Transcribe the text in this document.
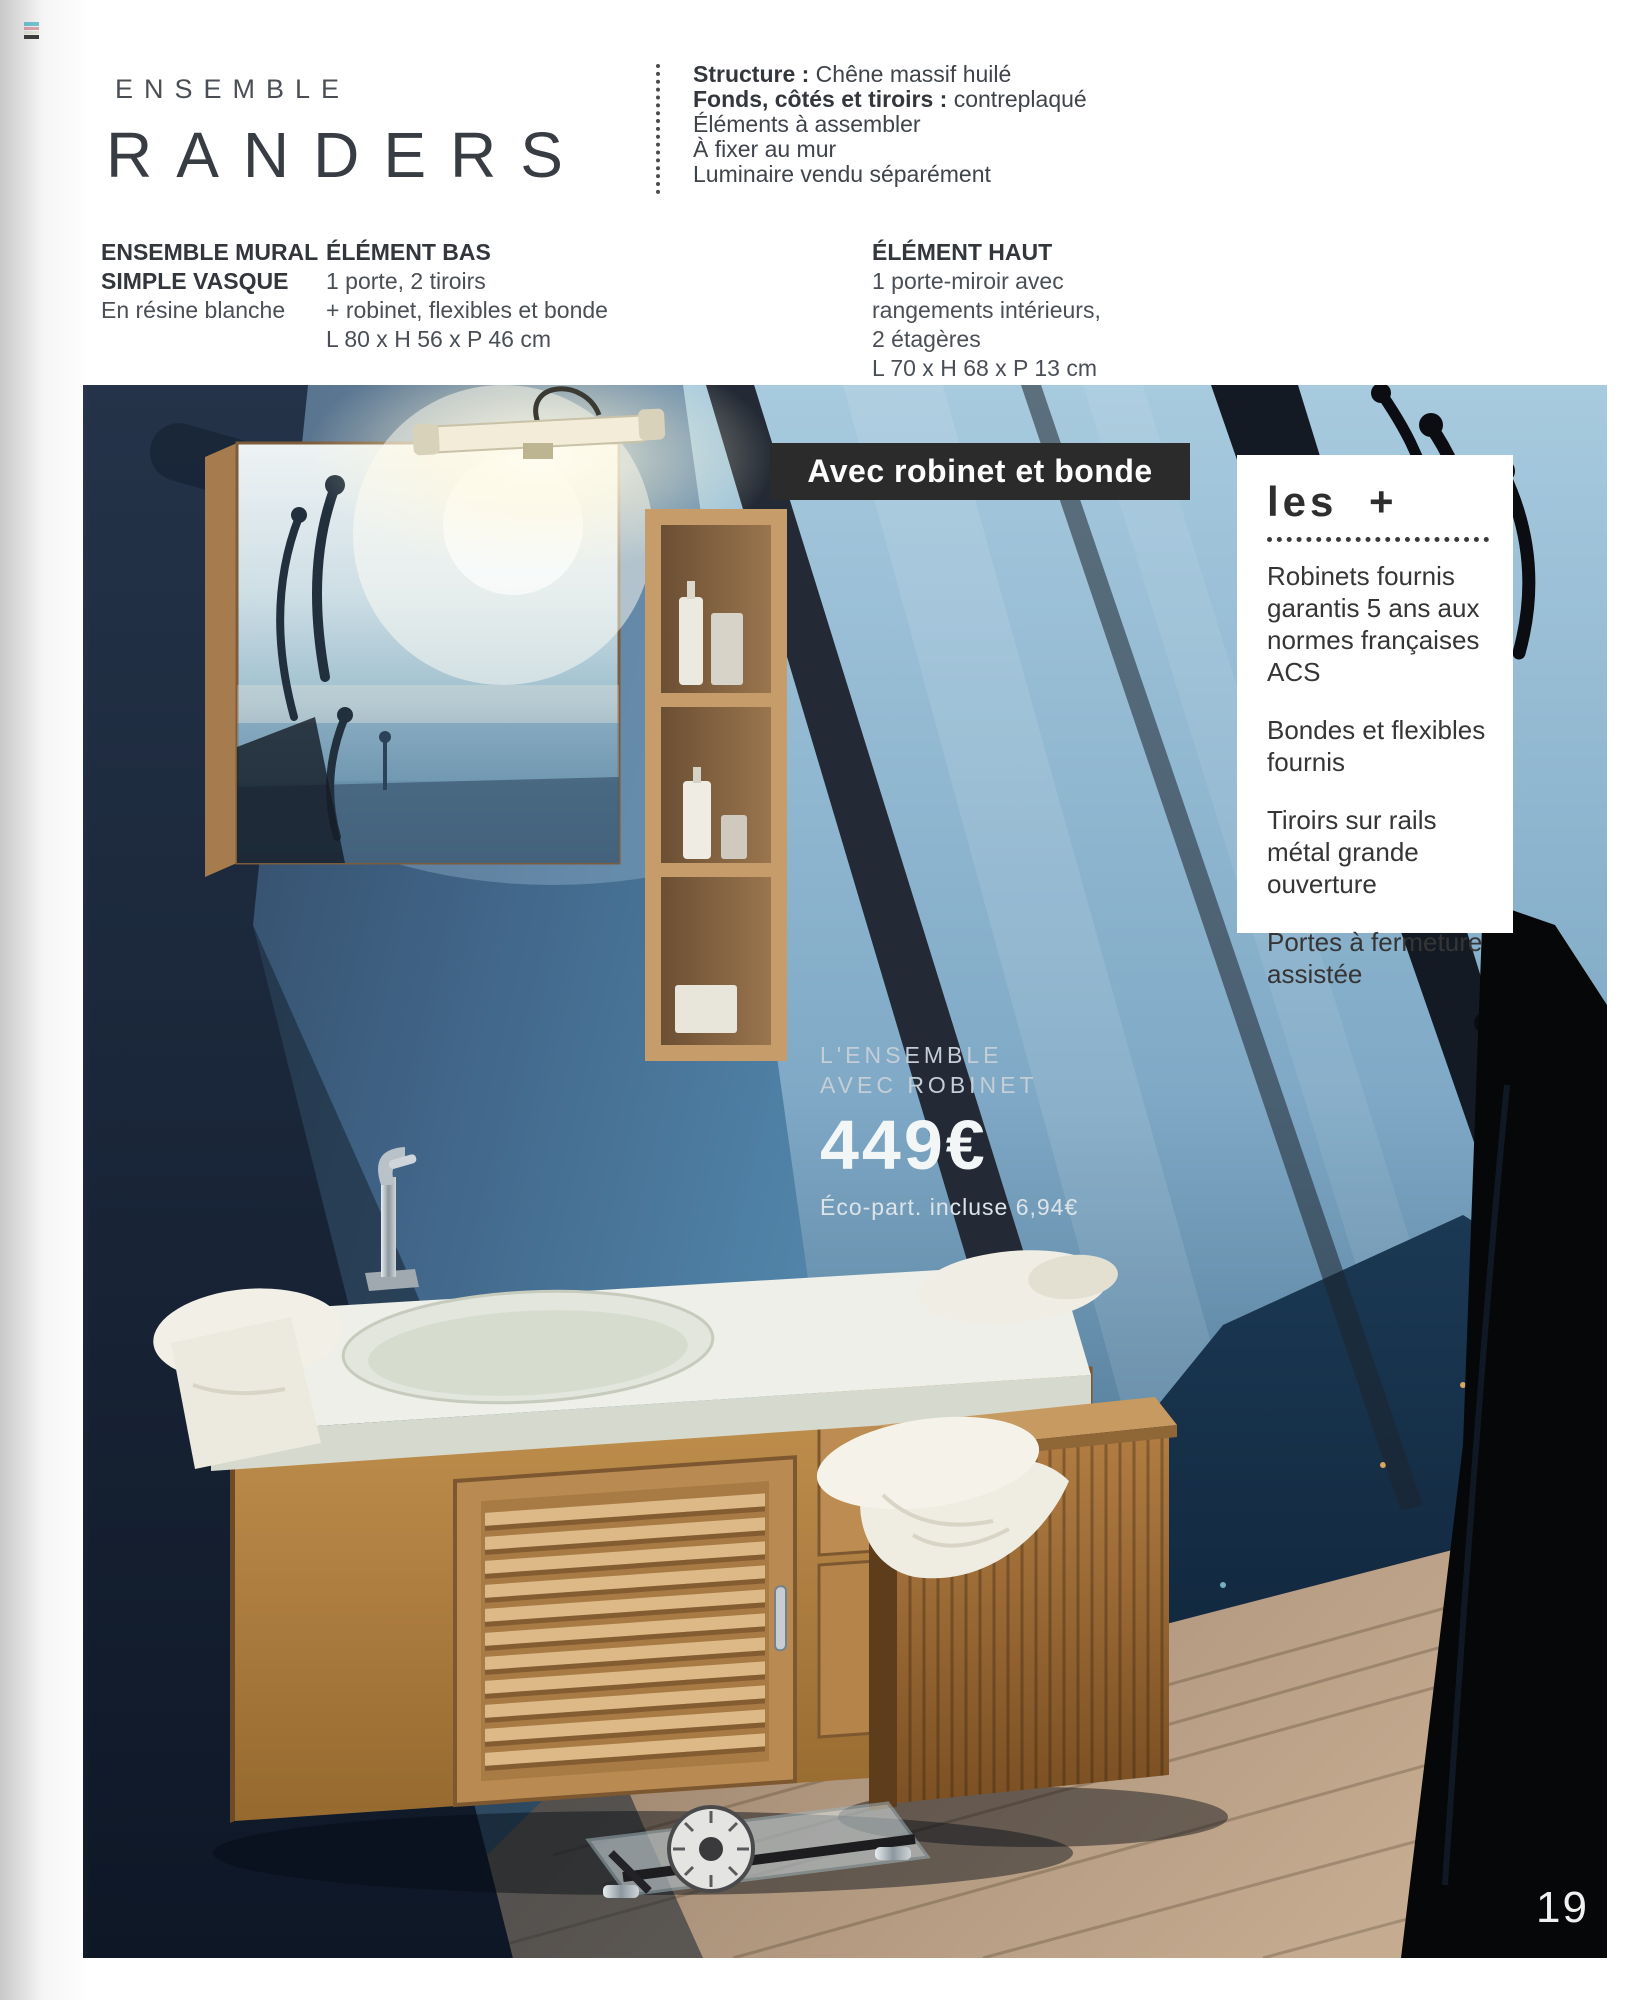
ENSEMBLE
RANDERS
Structure : Chêne massif huilé
Fonds, côtés et tiroirs : contreplaqué
Éléments à assembler
À fixer au mur
Luminaire vendu séparément
ENSEMBLE MURAL
SIMPLE VASQUE
En résine blanche
ÉLÉMENT BAS
1 porte, 2 tiroirs
+ robinet, flexibles et bonde
L 80 x H 56 x P 46 cm
ÉLÉMENT HAUT
1 porte-miroir avec
rangements intérieurs,
2 étagères
L 70 x H 68 x P 13 cm
Avec robinet et bonde
les +
Robinets fournis garantis 5 ans aux normes françaises ACS
Bondes et flexibles fournis
Tiroirs sur rails métal grande ouverture
Portes à fermeture assistée
L'ENSEMBLE
AVEC ROBINET
449€
Éco-part. incluse 6,94€
19
